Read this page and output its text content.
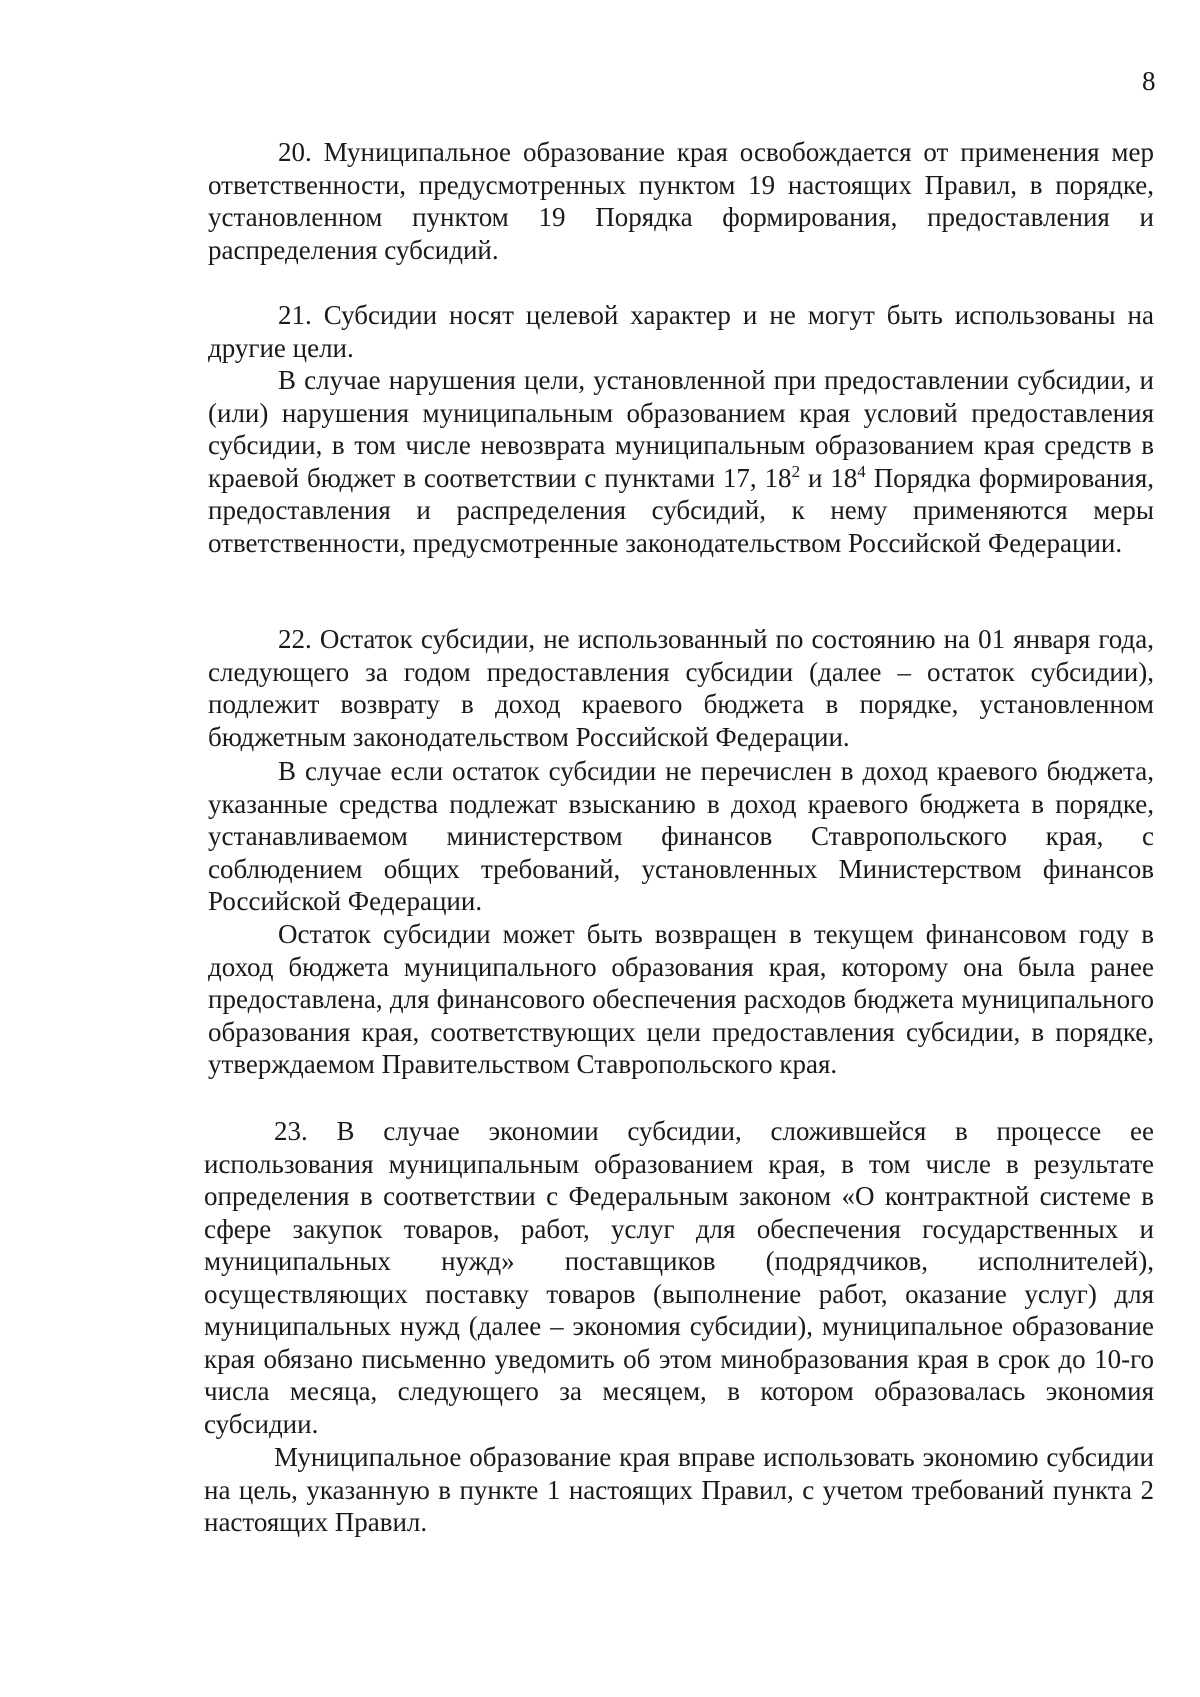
8

20. Муниципальное образование края освобождается от применения мер ответственности, предусмотренных пунктом 19 настоящих Правил, в порядке, установленном пунктом 19 Порядка формирования, предоставления и распределения субсидий.

21. Субсидии носят целевой характер и не могут быть использованы на другие цели.

В случае нарушения цели, установленной при предоставлении субсидии, и (или) нарушения муниципальным образованием края условий предоставления субсидии, в том числе невозврата муниципальным образованием края средств в краевой бюджет в соответствии с пунктами 17, $18^2$ и $18^4$ Порядка формирования, предоставления и распределения субсидий, к нему применяются меры ответственности, предусмотренные законодательством Российской Федерации.

22. Остаток субсидии, не использованный по состоянию на 01 января года, следующего за годом предоставления субсидии (далее – остаток субсидии), подлежит возврату в доход краевого бюджета в порядке, установленном бюджетным законодательством Российской Федерации.

В случае если остаток субсидии не перечислен в доход краевого бюджета, указанные средства подлежат взысканию в доход краевого бюджета в порядке, устанавливаемом министерством финансов Ставропольского края, с соблюдением общих требований, установленных Министерством финансов Российской Федерации.

Остаток субсидии может быть возвращен в текущем финансовом году в доход бюджета муниципального образования края, которому она была ранее предоставлена, для финансового обеспечения расходов бюджета муниципального образования края, соответствующих цели предоставления субсидии, в порядке, утверждаемом Правительством Ставропольского края.

23. В случае экономии субсидии, сложившейся в процессе ее использования муниципальным образованием края, в том числе в результате определения в соответствии с Федеральным законом «О контрактной системе в сфере закупок товаров, работ, услуг для обеспечения государственных и муниципальных нужд» поставщиков (подрядчиков, исполнителей), осуществляющих поставку товаров (выполнение работ, оказание услуг) для муниципальных нужд (далее – экономия субсидии), муниципальное образование края обязано письменно уведомить об этом минобразования края в срок до 10-го числа месяца, следующего за месяцем, в котором образовалась экономия субсидии.

Муниципальное образование края вправе использовать экономию субсидии на цель, указанную в пункте 1 настоящих Правил, с учетом требований пункта 2 настоящих Правил.
